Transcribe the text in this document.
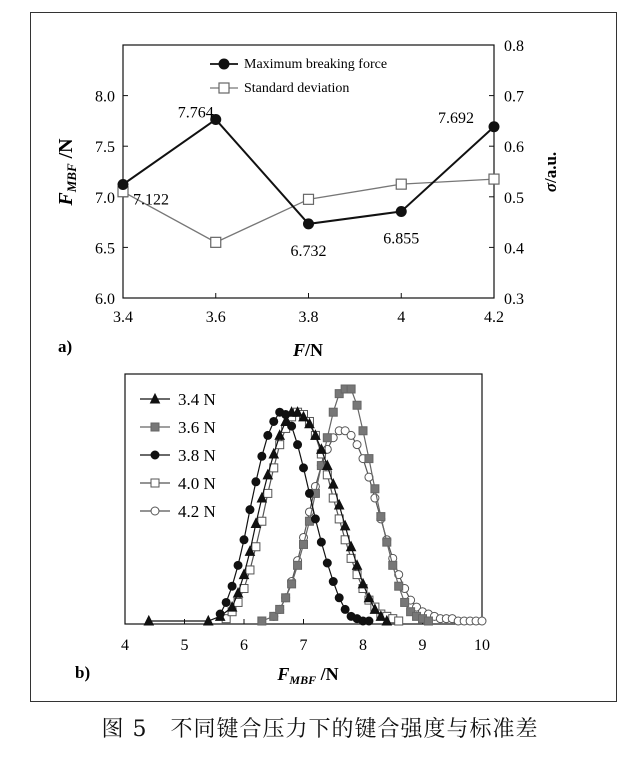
3.4	3.6	3.8	4	4.2
6.0
6.5
7.0
7.5
8.0
0.3
0.4
0.5
0.6
0.7
0.8
7.122
7.764
6.732
6.855
7.692
Maximum breaking force
Standard deviation
a)	F/N
$F_{MBF}$ /N
σ/a.u.
4	5	6	7	8	9	10
3.4 N
3.6 N
3.8 N
4.0 N
4.2 N
b)	$F_{MBF}$ /N
图 5　不同键合压力下的键合强度与标准差
